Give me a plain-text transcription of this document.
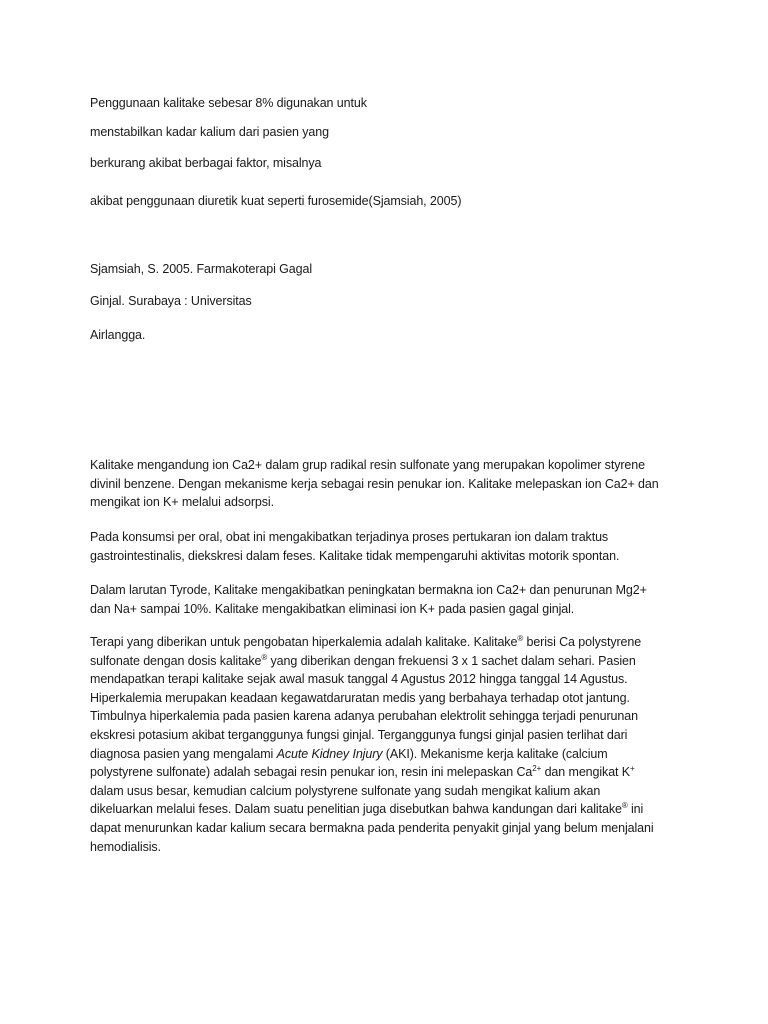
Penggunaan kalitake sebesar 8% digunakan untuk
menstabilkan kadar kalium dari pasien yang
berkurang akibat berbagai faktor, misalnya
akibat penggunaan diuretik kuat seperti furosemide(Sjamsiah, 2005)
Sjamsiah, S. 2005. Farmakoterapi Gagal
Ginjal. Surabaya : Universitas
Airlangga.
Kalitake mengandung ion Ca2+ dalam grup radikal resin sulfonate yang merupakan kopolimer styrene
divinil benzene. Dengan mekanisme kerja sebagai resin penukar ion. Kalitake melepaskan ion Ca2+ dan
mengikat ion K+ melalui adsorpsi.
Pada konsumsi per oral, obat ini mengakibatkan terjadinya proses pertukaran ion dalam traktus
gastrointestinalis, diekskresi dalam feses. Kalitake tidak mempengaruhi aktivitas motorik spontan.
Dalam larutan Tyrode, Kalitake mengakibatkan peningkatan bermakna ion Ca2+ dan penurunan Mg2+
dan Na+ sampai 10%. Kalitake mengakibatkan eliminasi ion K+ pada pasien gagal ginjal.
Terapi yang diberikan untuk pengobatan hiperkalemia adalah kalitake. Kalitake® berisi Ca polystyrene
sulfonate dengan dosis kalitake® yang diberikan dengan frekuensi 3 x 1 sachet dalam sehari. Pasien
mendapatkan terapi kalitake sejak awal masuk tanggal 4 Agustus 2012 hingga tanggal 14 Agustus.
Hiperkalemia merupakan keadaan kegawatdaruratan medis yang berbahaya terhadap otot jantung.
Timbulnya hiperkalemia pada pasien karena adanya perubahan elektrolit sehingga terjadi penurunan
ekskresi potasium akibat terganggunya fungsi ginjal. Terganggunya fungsi ginjal pasien terlihat dari
diagnosa pasien yang mengalami Acute Kidney Injury (AKI). Mekanisme kerja kalitake (calcium
polystyrene sulfonate) adalah sebagai resin penukar ion, resin ini melepaskan $Ca^{2+}$ dan mengikat K+
dalam usus besar, kemudian calcium polystyrene sulfonate yang sudah mengikat kalium akan
dikeluarkan melalui feses. Dalam suatu penelitian juga disebutkan bahwa kandungan dari kalitake® ini
dapat menurunkan kadar kalium secara bermakna pada penderita penyakit ginjal yang belum menjalani
hemodialisis.
